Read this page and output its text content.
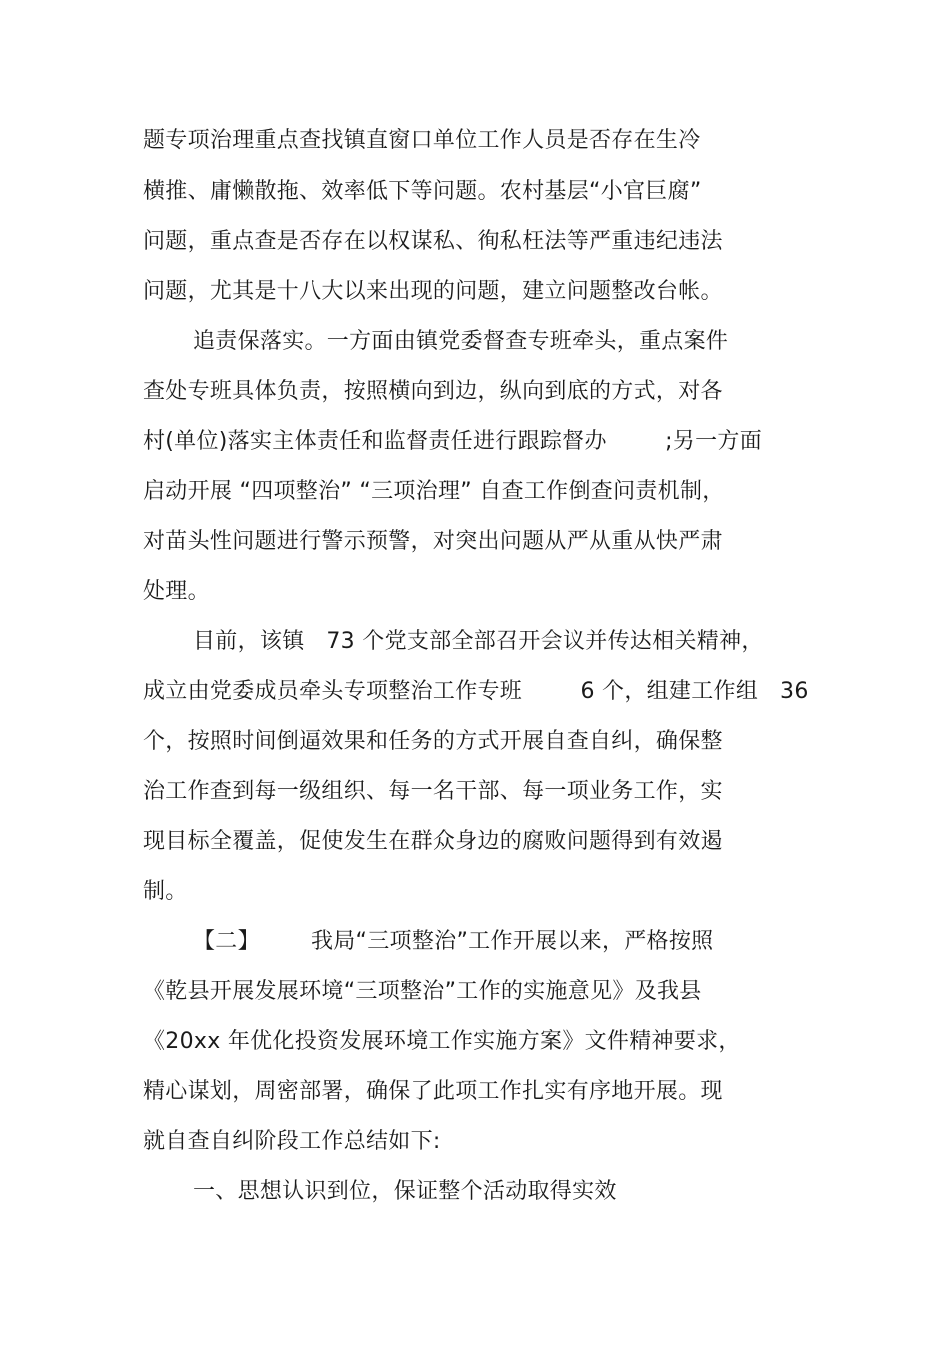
题专项治理重点查找镇直窗口单位工作人员是否存在生冷
横推、庸懒散拖、效率低下等问题。农村基层“小官巨腐”
问题，重点查是否存在以权谋私、徇私枉法等严重违纪违法
问题，尤其是十八大以来出现的问题，建立问题整改台帐。
追责保落实。一方面由镇党委督查专班牵头，重点案件
查处专班具体负责，按照横向到边，纵向到底的方式，对各
村(单位)落实主体责任和监督责任进行跟踪督办        ;另一方面
启动开展 “四项整治” “三项治理” 自查工作倒查问责机制，
对苗头性问题进行警示预警，对突出问题从严从重从快严肃
处理。
目前，该镇   73 个党支部全部召开会议并传达相关精神，
成立由党委成员牵头专项整治工作专班        6 个，组建工作组   36
个，按照时间倒逼效果和任务的方式开展自查自纠，确保整
治工作查到每一级组织、每一名干部、每一项业务工作，实
现目标全覆盖，促使发生在群众身边的腐败问题得到有效遏
制。
【二】       我局“三项整治”工作开展以来，严格按照
《乾县开展发展环境“三项整治”工作的实施意见》及我县
《20xx 年优化投资发展环境工作实施方案》文件精神要求，
精心谋划，周密部署，确保了此项工作扎实有序地开展。现
就自查自纠阶段工作总结如下:
一、思想认识到位，保证整个活动取得实效
